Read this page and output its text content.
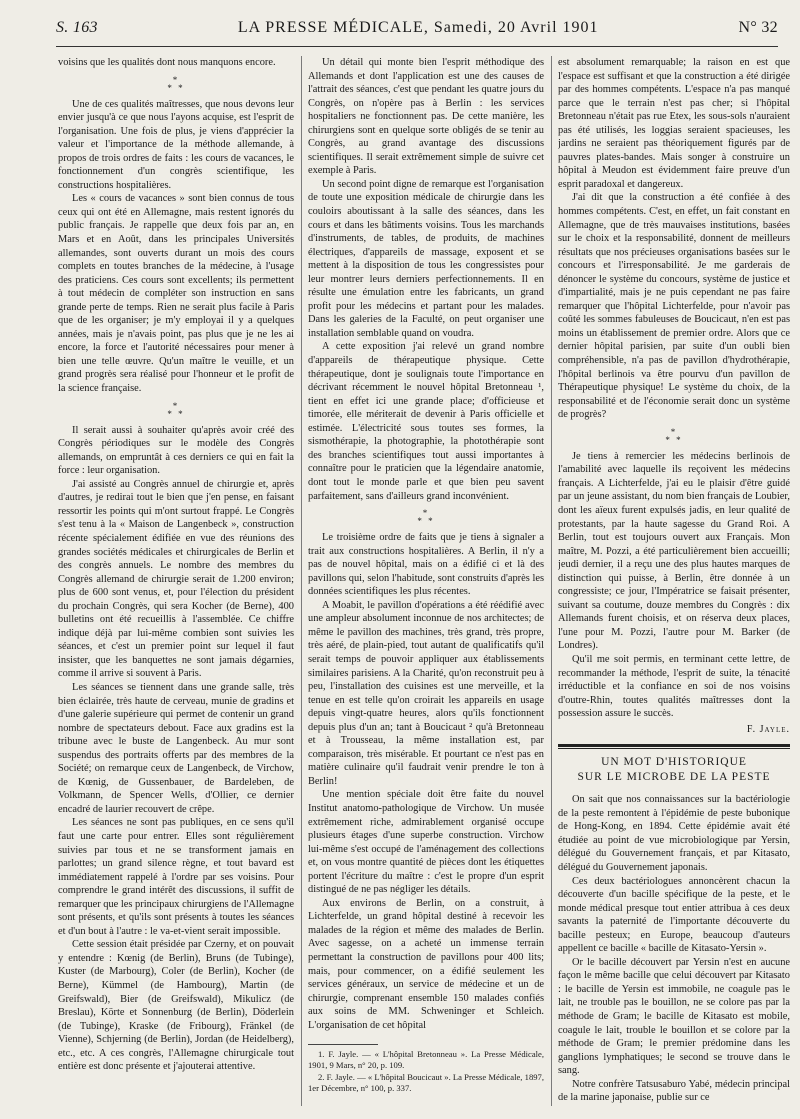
S. 163	LA PRESSE MÉDICALE, Samedi, 20 Avril 1901	N° 32

voisins que les qualités dont nous manquons encore.

*
* *

Une de ces qualités maîtresses, que nous devons leur envier jusqu'à ce que nous l'ayons acquise, est l'esprit de l'organisation. Une fois de plus, je viens d'apprécier la valeur et l'importance de la méthode allemande, à propos de trois ordres de faits : les cours de vacances, le fonctionnement d'un congrès scientifique, les constructions hospitalières.

Les « cours de vacances » sont bien connus de tous ceux qui ont été en Allemagne, mais restent ignorés du public français. Je rappelle que deux fois par an, en Mars et en Août, dans les principales Universités allemandes, sont ouverts durant un mois des cours complets en toutes branches de la médecine, à l'usage des praticiens. Ces cours sont excellents; ils permettent à tout médecin de compléter son instruction en sans grande perte de temps. Rien ne serait plus facile à Paris que de les organiser; je m'y employai il y a quelques années, mais je n'avais point, pas plus que je ne les ai encore, la force et l'autorité nécessaires pour mener à bien une telle œuvre. Qu'un maître le veuille, et un grand progrès sera réalisé pour l'honneur et le profit de la science française.

*
* *

Il serait aussi à souhaiter qu'après avoir créé des Congrès périodiques sur le modèle des Congrès allemands, on empruntât à ces derniers ce qui en fait la force : leur organisation.

J'ai assisté au Congrès annuel de chirurgie et, après d'autres, je redirai tout le bien que j'en pense, en faisant ressortir les points qui m'ont surtout frappé. Le Congrès s'est tenu à la « Maison de Langenbeck », construction récente spécialement édifiée en vue des réunions des grandes sociétés médicales et chirurgicales de Berlin et des congrès annuels. Le nombre des membres du Congrès allemand de chirurgie serait de 1.200 environ; plus de 600 sont venus, et, pour l'élection du président du prochain Congrès, qui sera Kocher (de Berne), 400 bulletins ont été recueillis à l'assemblée. Ce chiffre indique déjà par lui-même combien sont suivies les séances, et c'est un premier point sur lequel il faut insister, que les banquettes ne sont jamais dégarnies, comme il arrive si souvent à Paris.

Les séances se tiennent dans une grande salle, très bien éclairée, très haute de cerveau, munie de gradins et d'une galerie supérieure qui permet de contenir un grand nombre de spectateurs debout. Face aux gradins est la tribune avec le buste de Langenbeck. Au mur sont suspendus des portraits offerts par des membres de la Société; on remarque ceux de Langenbeck, de Virchow, de Kœnig, de Gussenbauer, de Bardeleben, de Volkmann, de Spencer Wells, d'Ollier, ce dernier encadré de laurier recouvert de crêpe.

Les séances ne sont pas publiques, en ce sens qu'il faut une carte pour entrer. Elles sont régulièrement suivies par tous et ne se transforment jamais en parlottes; un grand silence règne, et tout bavard est immédiatement rappelé à l'ordre par ses voisins. Pour comprendre le grand intérêt des discussions, il suffit de remarquer que les principaux chirurgiens de l'Allemagne sont présents, et qu'ils sont présents à toutes les séances et d'un bout à l'autre : le va-et-vient serait impossible.

Cette session était présidée par Czerny, et on pouvait y entendre : Kœnig (de Berlin), Bruns (de Tubinge), Kuster (de Marbourg), Coler (de Berlin), Kocher (de Berne), Kümmel (de Hambourg), Martin (de Greifswald), Bier (de Greifswald), Mikulicz (de Breslau), Körte et Sonnenburg (de Berlin), Döderlein (de Tubinge), Kraske (de Fribourg), Fränkel (de Vienne), Schjerning (de Berlin), Jordan (de Heidelberg), etc., etc. A ces congrès, l'Allemagne chirurgicale tout entière est donc présente et j'ajouterai attentive.

Un détail qui monte bien l'esprit méthodique des Allemands et dont l'application est une des causes de l'attrait des séances, c'est que pendant les quatre jours du Congrès, on n'opère pas à Berlin : les services hospitaliers ne fonctionnent pas. De cette manière, les chirurgiens sont en quelque sorte obligés de se tenir au Congrès, au grand avantage des discussions scientifiques. Il serait extrêmement simple de suivre cet exemple à Paris.

Un second point digne de remarque est l'organisation de toute une exposition médicale de chirurgie dans les couloirs aboutissant à la salle des séances, dans les cours et dans les bâtiments voisins. Tous les marchands d'instruments, de tables, de produits, de machines électriques, d'appareils de massage, exposent et se mettent à la disposition de tous les congressistes pour leur montrer leurs derniers perfectionnements. Il en résulte une émulation entre les fabricants, un grand profit pour les médecins et partant pour les malades. Dans les galeries de la Faculté, on peut organiser une installation semblable quand on voudra.

A cette exposition j'ai relevé un grand nombre d'appareils de thérapeutique physique. Cette thérapeutique, dont je soulignais toute l'importance en décrivant récemment le nouvel hôpital Bretonneau ¹, tient en effet ici une grande place; d'officieuse et timorée, elle mériterait de devenir à Paris officielle et estimée. L'électricité sous toutes ses formes, la sismothérapie, la photographie, la photothérapie sont des branches scientifiques tout aussi importantes à connaître pour le praticien que la légendaire anatomie, dont tout le monde parle et que bien peu savent parfaitement, sans d'ailleurs grand inconvénient.

*
* *

Le troisième ordre de faits que je tiens à signaler a trait aux constructions hospitalières. A Berlin, il n'y a pas de nouvel hôpital, mais on a édifié ci et là des pavillons qui, selon l'habitude, sont construits d'après les données scientifiques les plus récentes.

A Moabit, le pavillon d'opérations a été réédifié avec une ampleur absolument inconnue de nos architectes; de même le pavillon des machines, très grand, très propre, très aéré, de plain-pied, tout autant de qualificatifs qu'il serait temps de pouvoir appliquer aux établissements similaires parisiens. A la Charité, qu'on reconstruit peu à peu, l'installation des cuisines est une merveille, et la tenue en est telle qu'on croirait les appareils en usage depuis vingt-quatre heures, alors qu'ils fonctionnent depuis plus d'un an; tant à Boucicaut ² qu'à Bretonneau et à Trousseau, la même installation est, par comparaison, très misérable. Et pourtant ce n'est pas en matière culinaire qu'il faudrait venir prendre le ton à Berlin!

Une mention spéciale doit être faite du nouvel Institut anatomo-pathologique de Virchow. Un musée extrêmement riche, admirablement organisé occupe plusieurs étages d'une superbe construction. Virchow lui-même s'est occupé de l'aménagement des collections et, on vous montre quantité de pièces dont les étiquettes portent l'écriture du maître : c'est le propre d'un esprit distingué de ne pas négliger les détails.

Aux environs de Berlin, on a construit, à Lichterfelde, un grand hôpital destiné à recevoir les malades de la région et même des malades de Berlin. Avec sagesse, on a acheté un immense terrain permettant la construction de pavillons pour 400 lits; mais, pour commencer, on a édifié seulement les services généraux, un service de médecine et un de chirurgie, comprenant ensemble 150 malades confiés aux soins de MM. Schweninger et Schleich. L'organisation de cet hôpital

1. F. Jayle. — « L'hôpital Bretonneau ». La Presse Médicale, 1901, 9 Mars, n° 20, p. 109.

2. F. Jayle. — « L'hôpital Boucicaut ». La Presse Médicale, 1897, 1er Décembre, n° 100, p. 337.

est absolument remarquable; la raison en est que l'espace est suffisant et que la construction a été dirigée par des hommes compétents. L'espace n'a pas manqué parce que le terrain n'est pas cher; si l'hôpital Bretonneau n'était pas rue Etex, les sous-sols n'auraient pas été utilisés, les loggias seraient spacieuses, les jardins ne seraient pas théoriquement figurés par de pauvres plates-bandes. Mais songer à construire un hôpital à Meudon est évidemment faire preuve d'un esprit paradoxal et dangereux.

J'ai dit que la construction a été confiée à des hommes compétents. C'est, en effet, un fait constant en Allemagne, que de très mauvaises institutions, basées sur le choix et la responsabilité, donnent de meilleurs résultats que nos précieuses organisations basées sur le concours et l'irresponsabilité. Je me garderais de dénoncer le système du concours, système de justice et d'impartialité, mais je ne puis cependant ne pas faire remarquer que l'hôpital Lichterfelde, pour n'avoir pas coûté les sommes fabuleuses de Boucicaut, n'en est pas moins un établissement de premier ordre. Alors que ce dernier hôpital parisien, par suite d'un oubli bien compréhensible, n'a pas de pavillon d'hydrothérapie, l'hôpital berlinois va être pourvu d'un pavillon de Thérapeutique physique! Le système du choix, de la responsabilité et de l'économie serait donc un système de progrès?

*
* *

Je tiens à remercier les médecins berlinois de l'amabilité avec laquelle ils reçoivent les médecins français. A Lichterfelde, j'ai eu le plaisir d'être guidé par un jeune assistant, du nom bien français de Loubier, dont les aïeux furent expulsés jadis, en leur qualité de protestants, par la haute sagesse du Grand Roi. A Berlin, tout est toujours ouvert aux Français. Mon maître, M. Pozzi, a été particulièrement bien accueilli; jeudi dernier, il a reçu une des plus hautes marques de distinction qui puisse, à Berlin, être donnée à un congressiste; ce jour, l'Impératrice se faisait présenter, suivant sa coutume, douze membres du Congrès : dix Allemands furent choisis, et on réserva deux places, l'une pour M. Pozzi, l'autre pour M. Barker (de Londres).

Qu'il me soit permis, en terminant cette lettre, de recommander la méthode, l'esprit de suite, la ténacité irréductible et la confiance en soi de nos voisins d'outre-Rhin, toutes qualités maîtresses dont la possession assure le succès.

F. Jayle.
UN MOT D'HISTORIQUE
SUR LE MICROBE DE LA PESTE

On sait que nos connaissances sur la bactériologie de la peste remontent à l'épidémie de peste bubonique de Hong-Kong, en 1894. Cette épidémie avait été étudiée au point de vue microbiologique par Yersin, délégué du Gouvernement français, et par Kitasato, délégué du Gouvernement japonais.

Ces deux bactériologues annoncèrent chacun la découverte d'un bacille spécifique de la peste, et le monde médical presque tout entier attribua à ces deux savants la paternité de l'importante découverte du bacille pesteux; en Europe, beaucoup d'auteurs appellent ce bacille « bacille de Kitasato-Yersin ».

Or le bacille découvert par Yersin n'est en aucune façon le même bacille que celui découvert par Kitasato : le bacille de Yersin est immobile, ne coagule pas le lait, ne trouble pas le bouillon, ne se colore pas par la méthode de Gram; le bacille de Kitasato est mobile, coagule le lait, trouble le bouillon et se colore par la méthode de Gram; le premier prédomine dans les ganglions lymphatiques; le second se trouve dans le sang.

Notre confrère Tatsusaburo Yabé, médecin principal de la marine japonaise, publie sur ce
